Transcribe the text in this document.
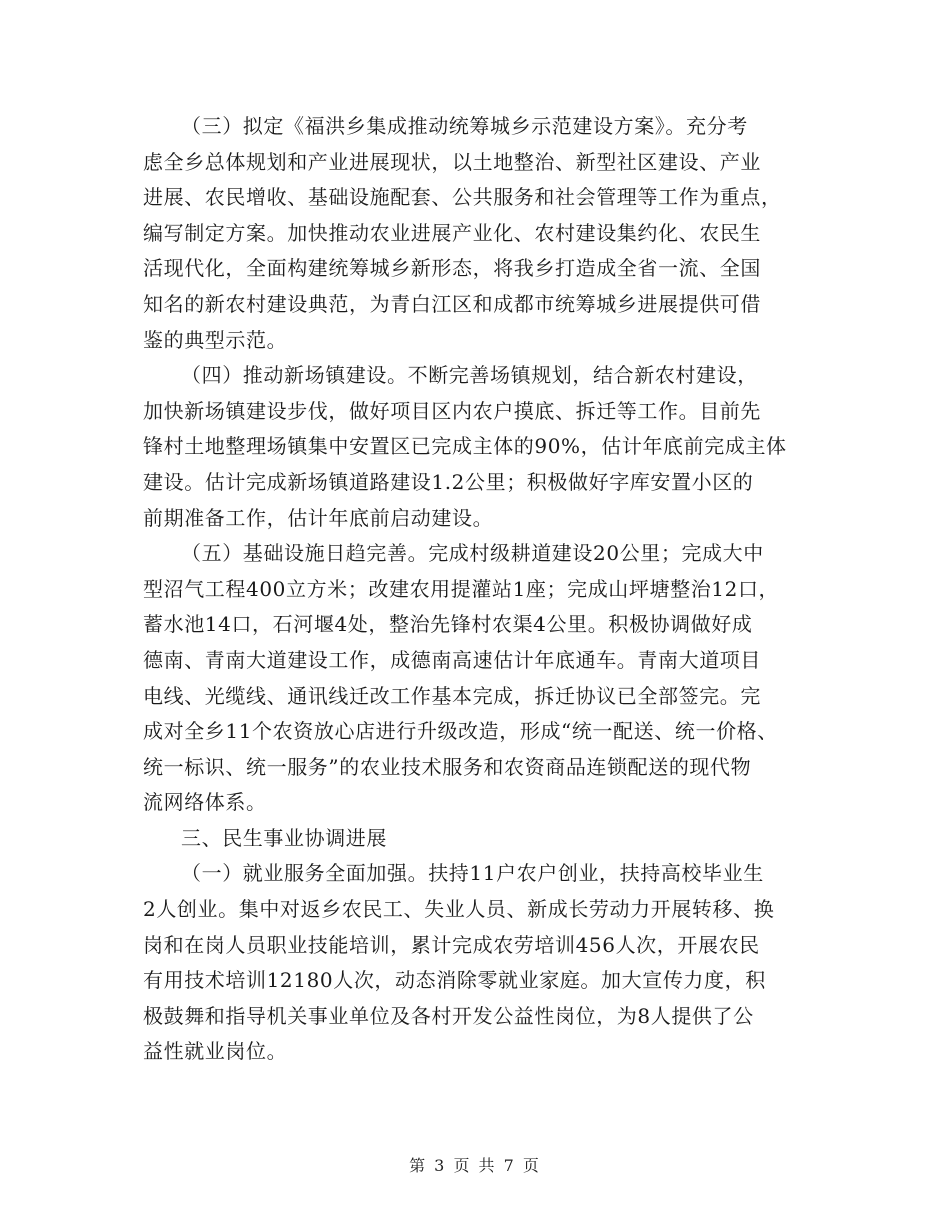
（三）拟定《福洪乡集成推动统筹城乡示范建设方案》。充分考
虑全乡总体规划和产业进展现状，以土地整治、新型社区建设、产业
进展、农民增收、基础设施配套、公共服务和社会管理等工作为重点，
编写制定方案。加快推动农业进展产业化、农村建设集约化、农民生
活现代化，全面构建统筹城乡新形态，将我乡打造成全省一流、全国
知名的新农村建设典范，为青白江区和成都市统筹城乡进展提供可借
鉴的典型示范。
（四）推动新场镇建设。不断完善场镇规划，结合新农村建设，
加快新场镇建设步伐，做好项目区内农户摸底、拆迁等工作。目前先
锋村土地整理场镇集中安置区已完成主体的90%，估计年底前完成主体
建设。估计完成新场镇道路建设1.2公里；积极做好字库安置小区的
前期准备工作，估计年底前启动建设。
（五）基础设施日趋完善。完成村级耕道建设20公里；完成大中
型沼气工程400立方米；改建农用提灌站1座；完成山坪塘整治12口，
蓄水池14口，石河堰4处，整治先锋村农渠4公里。积极协调做好成
德南、青南大道建设工作，成德南高速估计年底通车。青南大道项目
电线、光缆线、通讯线迁改工作基本完成，拆迁协议已全部签完。完
成对全乡11个农资放心店进行升级改造，形成“统一配送、统一价格、
统一标识、统一服务”的农业技术服务和农资商品连锁配送的现代物
流网络体系。
三、民生事业协调进展
（一）就业服务全面加强。扶持11户农户创业，扶持高校毕业生
2人创业。集中对返乡农民工、失业人员、新成长劳动力开展转移、换
岗和在岗人员职业技能培训，累计完成农劳培训456人次，开展农民
有用技术培训12180人次，动态消除零就业家庭。加大宣传力度，积
极鼓舞和指导机关事业单位及各村开发公益性岗位，为8人提供了公
益性就业岗位。
第 3 页 共 7 页
